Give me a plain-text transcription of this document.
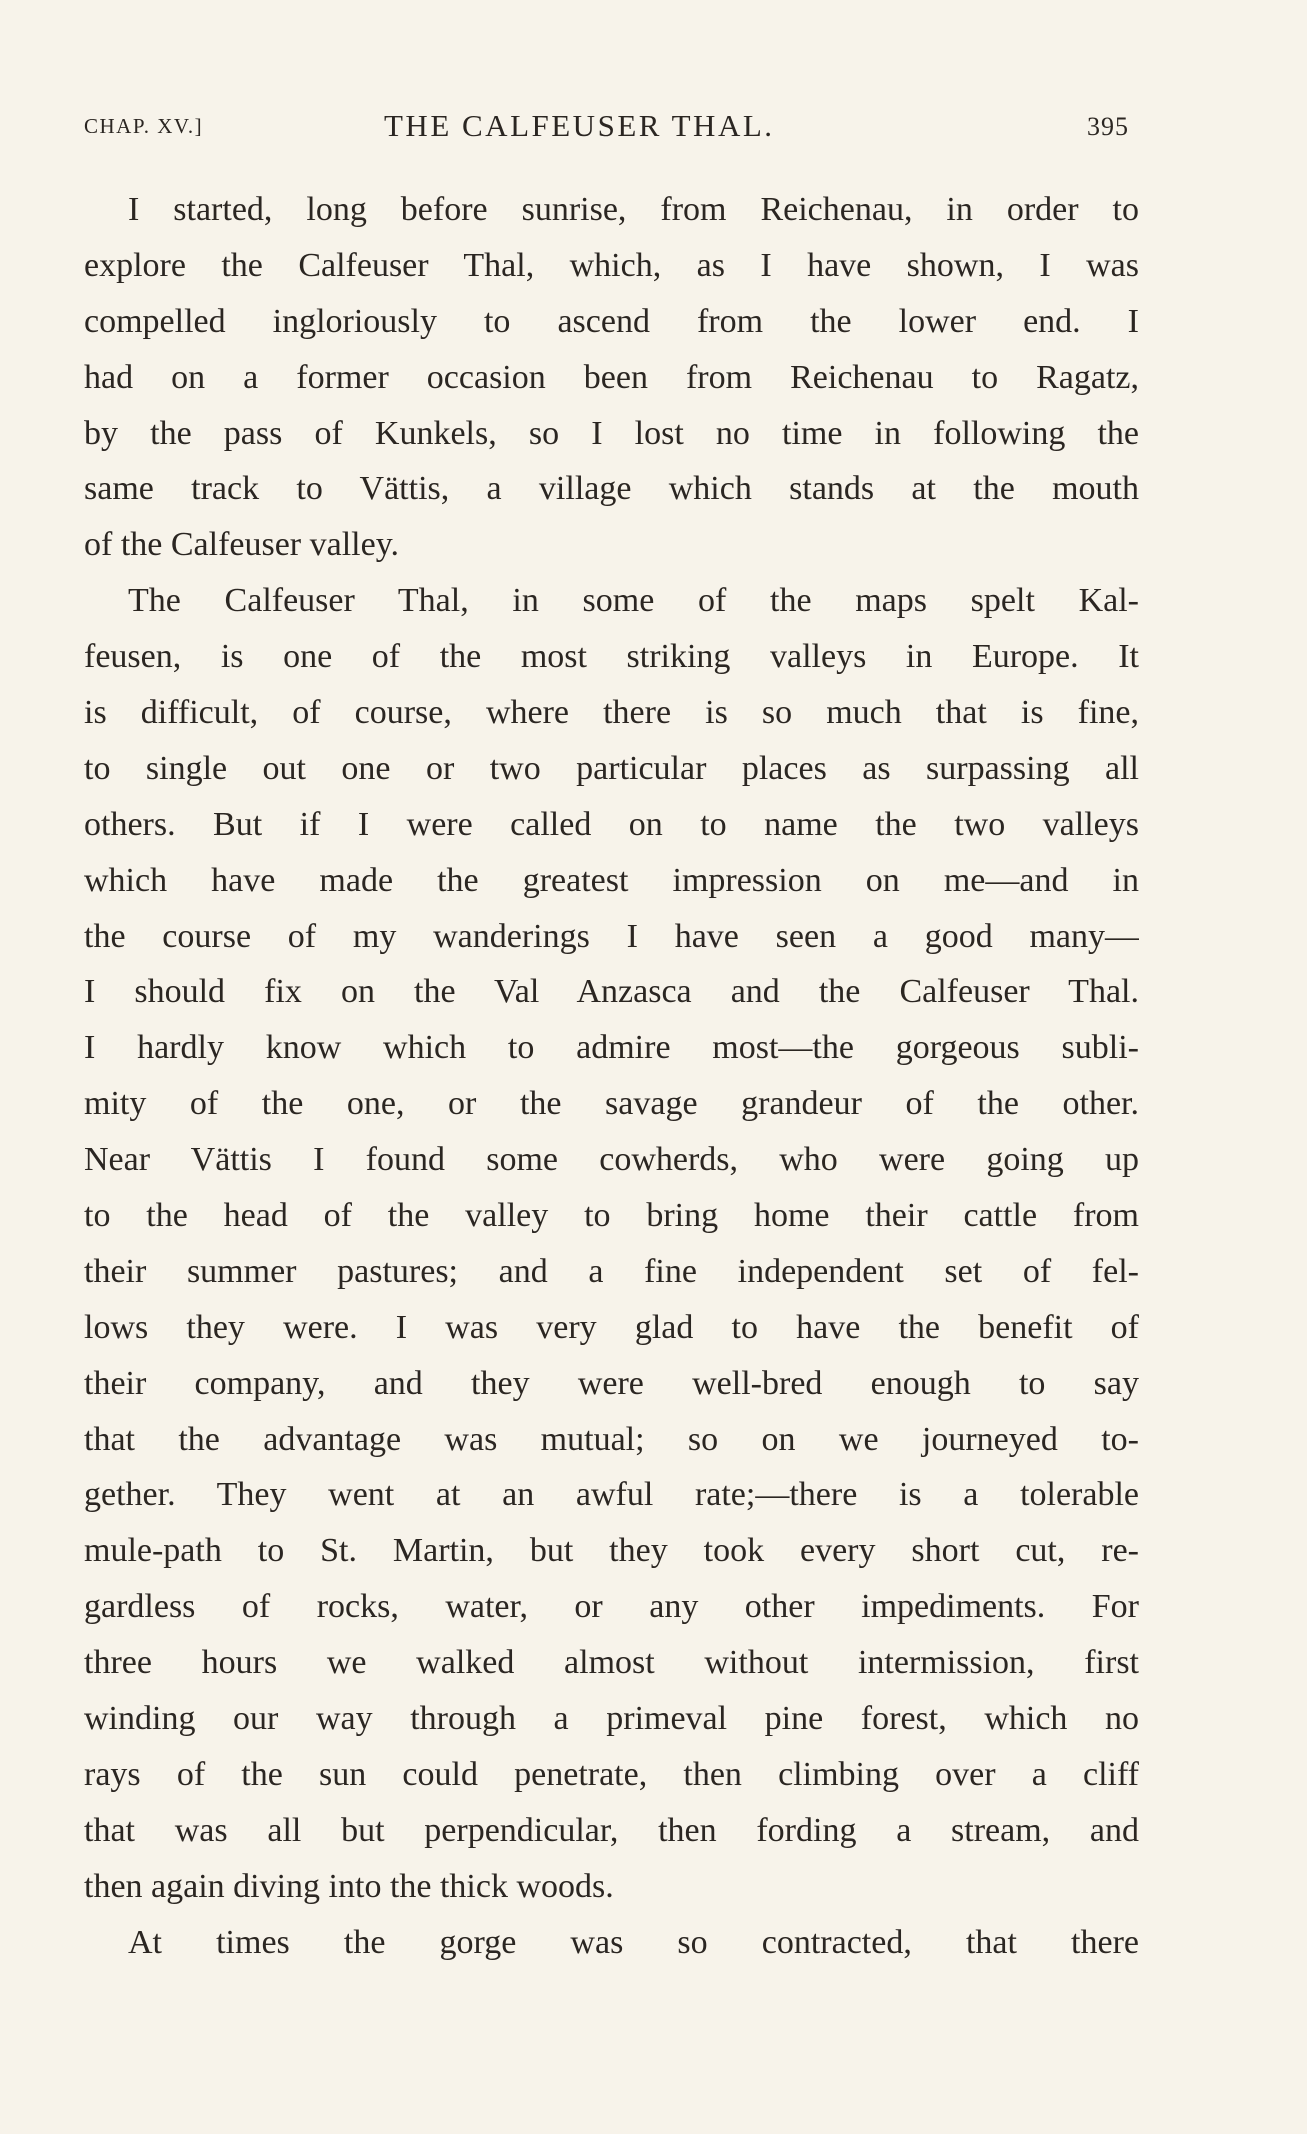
CHAP. XV.]	THE CALFEUSER THAL.	395
I started, long before sunrise, from Reichenau, in order to
explore the Calfeuser Thal, which, as I have shown, I was
compelled ingloriously to ascend from the lower end. I
had on a former occasion been from Reichenau to Ragatz,
by the pass of Kunkels, so I lost no time in following the
same track to Vättis, a village which stands at the mouth
of the Calfeuser valley.
The Calfeuser Thal, in some of the maps spelt Kal-
feusen, is one of the most striking valleys in Europe. It
is difficult, of course, where there is so much that is fine,
to single out one or two particular places as surpassing all
others. But if I were called on to name the two valleys
which have made the greatest impression on me—and in
the course of my wanderings I have seen a good many—
I should fix on the Val Anzasca and the Calfeuser Thal.
I hardly know which to admire most—the gorgeous subli-
mity of the one, or the savage grandeur of the other.
Near Vättis I found some cowherds, who were going up
to the head of the valley to bring home their cattle from
their summer pastures; and a fine independent set of fel-
lows they were. I was very glad to have the benefit of
their company, and they were well-bred enough to say
that the advantage was mutual; so on we journeyed to-
gether. They went at an awful rate;—there is a tolerable
mule-path to St. Martin, but they took every short cut, re-
gardless of rocks, water, or any other impediments. For
three hours we walked almost without intermission, first
winding our way through a primeval pine forest, which no
rays of the sun could penetrate, then climbing over a cliff
that was all but perpendicular, then fording a stream, and
then again diving into the thick woods.
At times the gorge was so contracted, that there
